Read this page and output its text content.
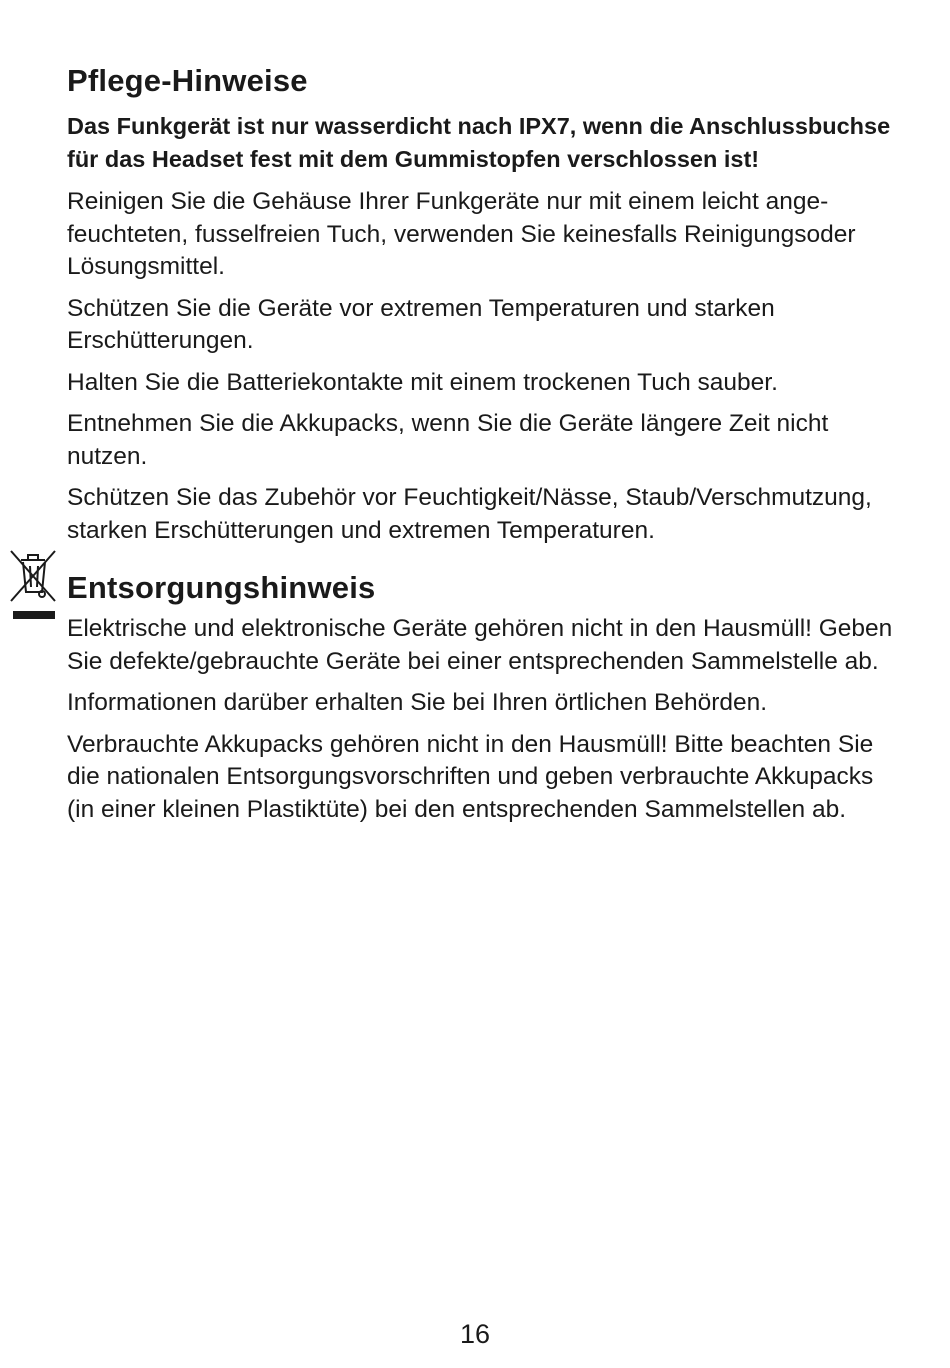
Pflege-Hinweise

Das Funkgerät ist nur wasserdicht nach IPX7, wenn die Anschlussbuchse für das Headset fest mit dem Gummistopfen verschlossen ist!

Reinigen Sie die Gehäuse Ihrer Funkgeräte nur mit einem leicht angefeuchteten, fusselfreien Tuch, verwenden Sie keinesfalls Reinigungsoder Lösungsmittel.

Schützen Sie die Geräte vor extremen Temperaturen und starken Erschütterungen.

Halten Sie die Batteriekontakte mit einem trockenen Tuch sauber.

Entnehmen Sie die Akkupacks, wenn Sie die Geräte längere Zeit nicht nutzen.

Schützen Sie das Zubehör vor Feuchtigkeit/Nässe, Staub/Verschmutzung, starken Erschütterungen und extremen Temperaturen.

Entsorgungshinweis

Elektrische und elektronische Geräte gehören nicht in den Hausmüll! Geben Sie defekte/gebrauchte Geräte bei einer entsprechenden Sammelstelle ab.

Informationen darüber erhalten Sie bei Ihren örtlichen Behörden.

Verbrauchte Akkupacks gehören nicht in den Hausmüll! Bitte beachten Sie die nationalen Entsorgungsvorschriften und geben verbrauchte Akkupacks (in einer kleinen Plastiktüte) bei den entsprechenden Sammelstellen ab.

16
